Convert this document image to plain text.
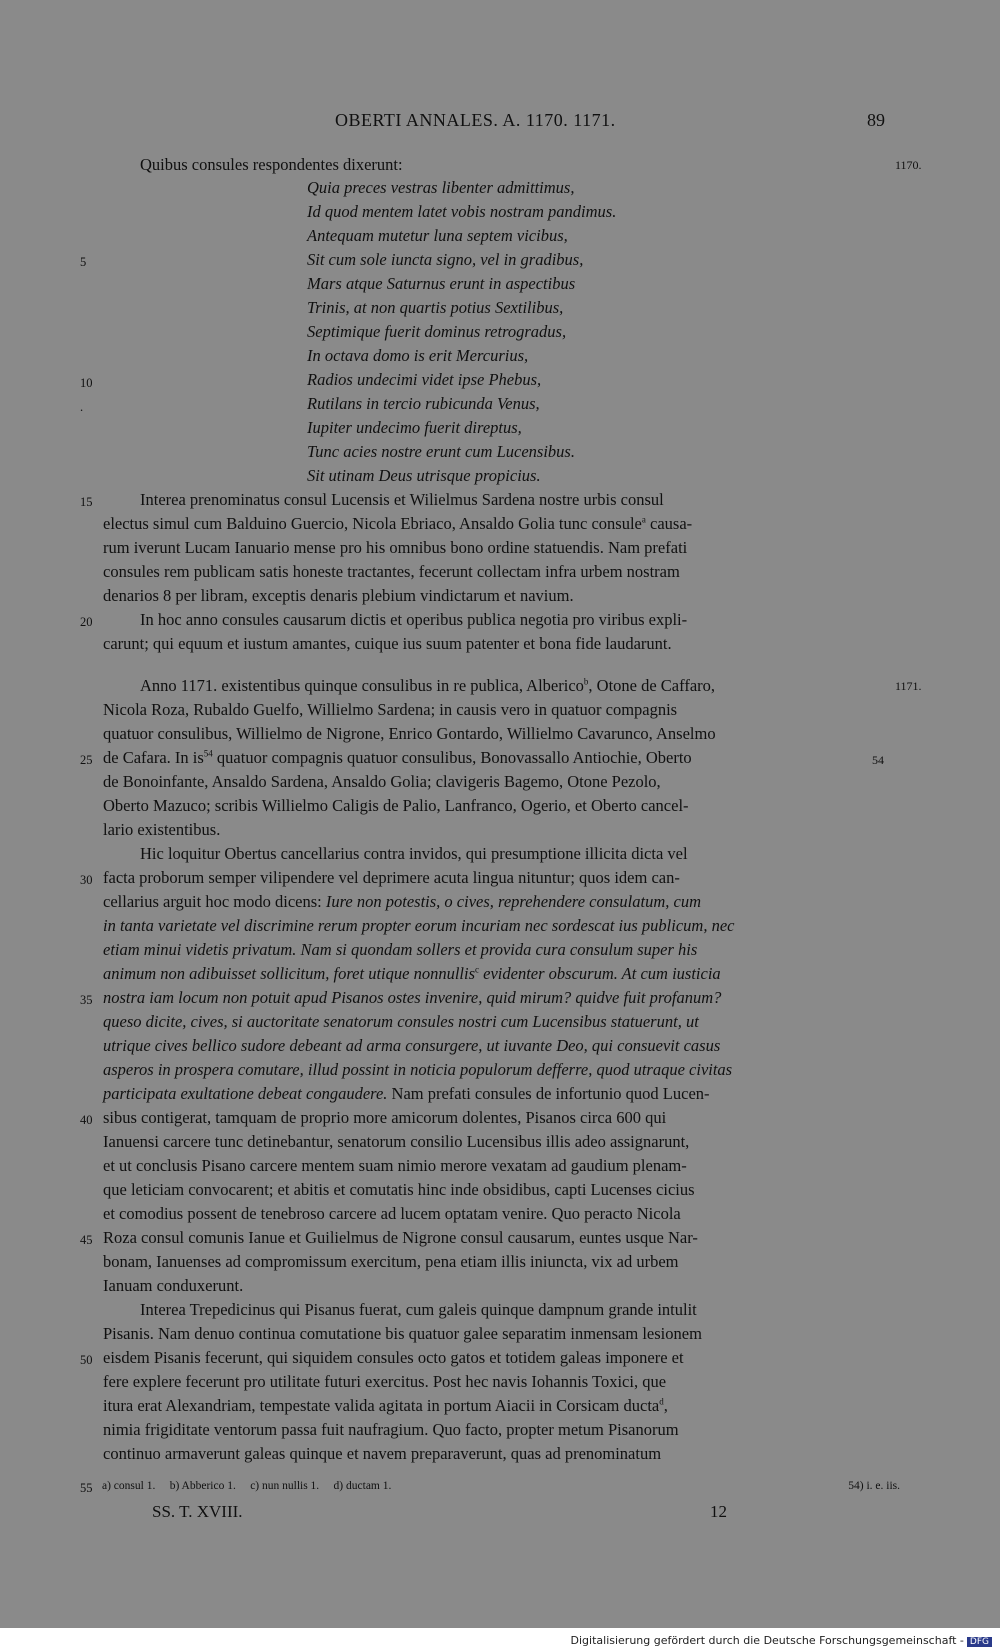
OBERTI ANNALES. A. 1170. 1171.	89
1170.
1171.
54
5
10
.
15
20
25
30
35
40
45
50
55
Quibus consules respondentes dixerunt:
Quia preces vestras libenter admittimus,
Id quod mentem latet vobis nostram pandimus.
Antequam mutetur luna septem vicibus,
Sit cum sole iuncta signo, vel in gradibus,
Mars atque Saturnus erunt in aspectibus
Trinis, at non quartis potius Sextilibus,
Septimique fuerit dominus retrogradus,
In octava domo is erit Mercurius,
Radios undecimi videt ipse Phebus,
Rutilans in tercio rubicunda Venus,
Iupiter undecimo fuerit direptus,
Tunc acies nostre erunt cum Lucensibus.
Sit utinam Deus utrisque propicius.
Interea prenominatus consul Lucensis et Wilielmus Sardena nostre urbis consul
electus simul cum Balduino Guercio, Nicola Ebriaco, Ansaldo Golia tunc consule$^a$ causa-
rum iverunt Lucam Ianuario mense pro his omnibus bono ordine statuendis. Nam prefati
consules rem publicam satis honeste tractantes, fecerunt collectam infra urbem nostram
denarios 8 per libram, exceptis denaris plebium vindictarum et navium.
In hoc anno consules causarum dictis et operibus publica negotia pro viribus expli-
carunt; qui equum et iustum amantes, cuique ius suum patenter et bona fide laudarunt.
Anno 1171. existentibus quinque consulibus in re publica, Alberico$^b$, Otone de Caffaro,
Nicola Roza, Rubaldo Guelfo, Willielmo Sardena; in causis vero in quatuor compagnis
quatuor consulibus, Willielmo de Nigrone, Enrico Gontardo, Willielmo Cavarunco, Anselmo
de Cafara. In $is^{54}$ quatuor compagnis quatuor consulibus, Bonovassallo Antiochie, Oberto
de Bonoinfante, Ansaldo Sardena, Ansaldo Golia; clavigeris Bagemo, Otone Pezolo,
Oberto Mazuco; scribis Willielmo Caligis de Palio, Lanfranco, Ogerio, et Oberto cancel-
lario existentibus.
Hic loquitur Obertus cancellarius contra invidos, qui presumptione illicita dicta vel
facta proborum semper vilipendere vel deprimere acuta lingua nituntur; quos idem can-
cellarius arguit hoc modo dicens: Iure non potestis, o cives, reprehendere consulatum, cum
in tanta varietate vel discrimine rerum propter eorum incuriam nec sordescat ius publicum, nec
etiam minui videtis privatum. Nam si quondam sollers et provida cura consulum super his
animum non adibuisset sollicitum, foret utique nonnullis$^c$ evidenter obscurum. At cum iusticia
nostra iam locum non potuit apud Pisanos ostes invenire, quid mirum? quidve fuit profanum?
queso dicite, cives, si auctoritate senatorum consules nostri cum Lucensibus statuerunt, ut
utrique cives bellico sudore debeant ad arma consurgere, ut iuvante Deo, qui consuevit casus
asperos in prospera comutare, illud possint in noticia populorum defferre, quod utraque civitas
participata exultatione debeat congaudere. Nam prefati consules de infortunio quod Lucen-
sibus contigerat, tamquam de proprio more amicorum dolentes, Pisanos circa 600 qui
Ianuensi carcere tunc detinebantur, senatorum consilio Lucensibus illis adeo assignarunt,
et ut conclusis Pisano carcere mentem suam nimio merore vexatam ad gaudium plenam-
que leticiam convocarent; et abitis et comutatis hinc inde obsidibus, capti Lucenses cicius
et comodius possent de tenebroso carcere ad lucem optatam venire. Quo peracto Nicola
Roza consul comunis Ianue et Guilielmus de Nigrone consul causarum, euntes usque Nar-
bonam, Ianuenses ad compromissum exercitum, pena etiam illis iniuncta, vix ad urbem
Ianuam conduxerunt.
Interea Trepedicinus qui Pisanus fuerat, cum galeis quinque dampnum grande intulit
Pisanis. Nam denuo continua comutatione bis quatuor galee separatim inmensam lesionem
eisdem Pisanis fecerunt, qui siquidem consules octo gatos et totidem galeas imponere et
fere explere fecerunt pro utilitate futuri exercitus. Post hec navis Iohannis Toxici, que
itura erat Alexandriam, tempestate valida agitata in portum Aiacii in Corsicam ducta$^d$,
nimia frigiditate ventorum passa fuit naufragium. Quo facto, propter metum Pisanorum
continuo armaverunt galeas quinque et navem preparaverunt, quas ad prenominatum
a) consul 1.     b) Abberico 1.     c) nun nullis 1.     d) ductam 1.	54) i. e. iis.
SS. T. XVIII.	12
Digitalisierung gefördert durch die Deutsche Forschungsgemeinschaft - DFG
